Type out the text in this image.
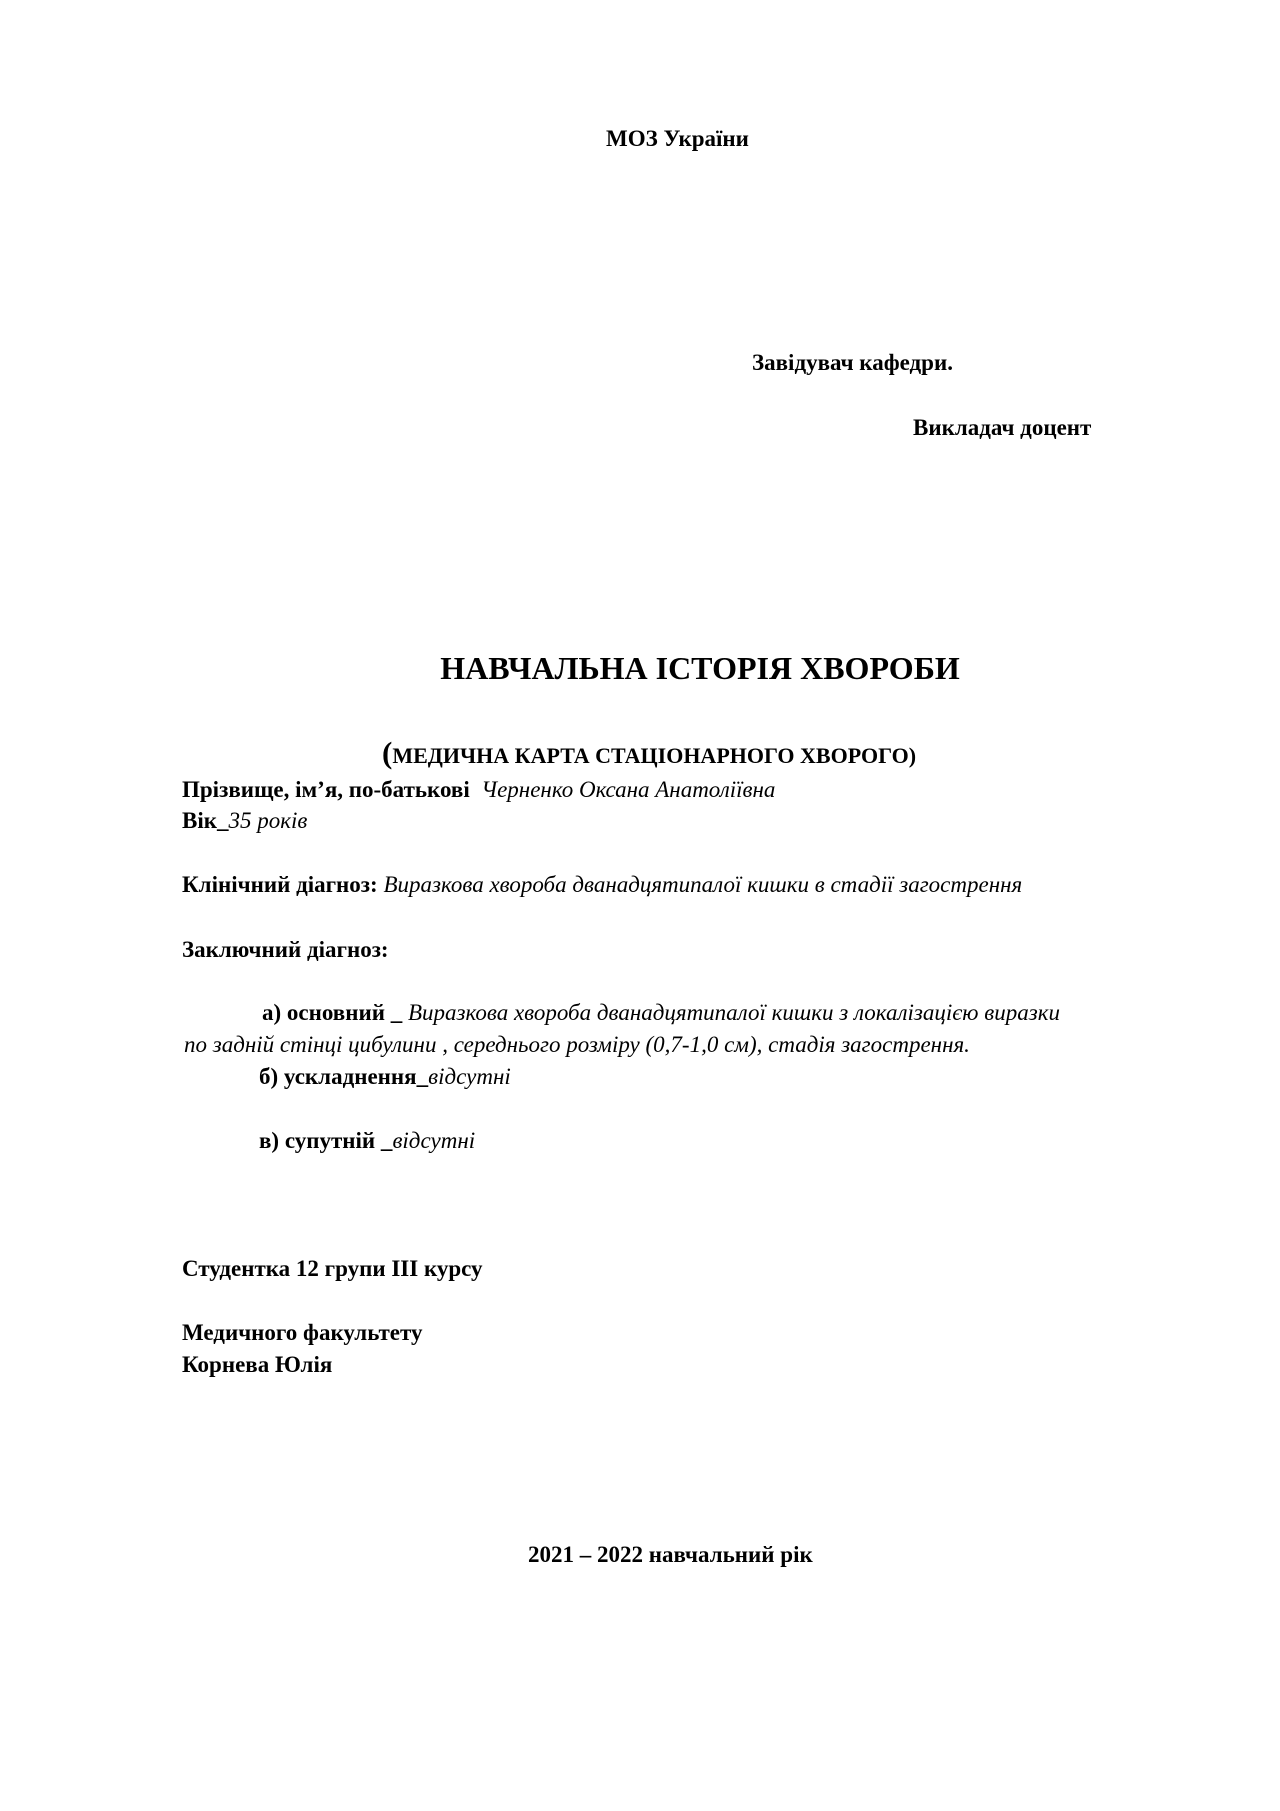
МОЗ України
Завідувач кафедри.
Викладач доцент
НАВЧАЛЬНА ІСТОРІЯ ХВОРОБИ
(МЕДИЧНА КАРТА СТАЦІОНАРНОГО ХВОРОГО)
Прізвище, ім’я, по-батькові Черненко Оксана Анатоліївна
Вік_35 років
Клінічний діагноз: Виразкова хвороба дванадцятипалої кишки в стадії загострення
Заключний діагноз:
а) основний _ Виразкова хвороба дванадцятипалої кишки з локалізацією виразки
по задній стінці цибулини , середнього розміру (0,7-1,0 см), стадія загострення.
б) ускладнення_відсутні
в) супутній _відсутні
Студентка 12 групи ІІІ курсу
Медичного факультету
Корнева Юлія
2021 – 2022 навчальний рік
